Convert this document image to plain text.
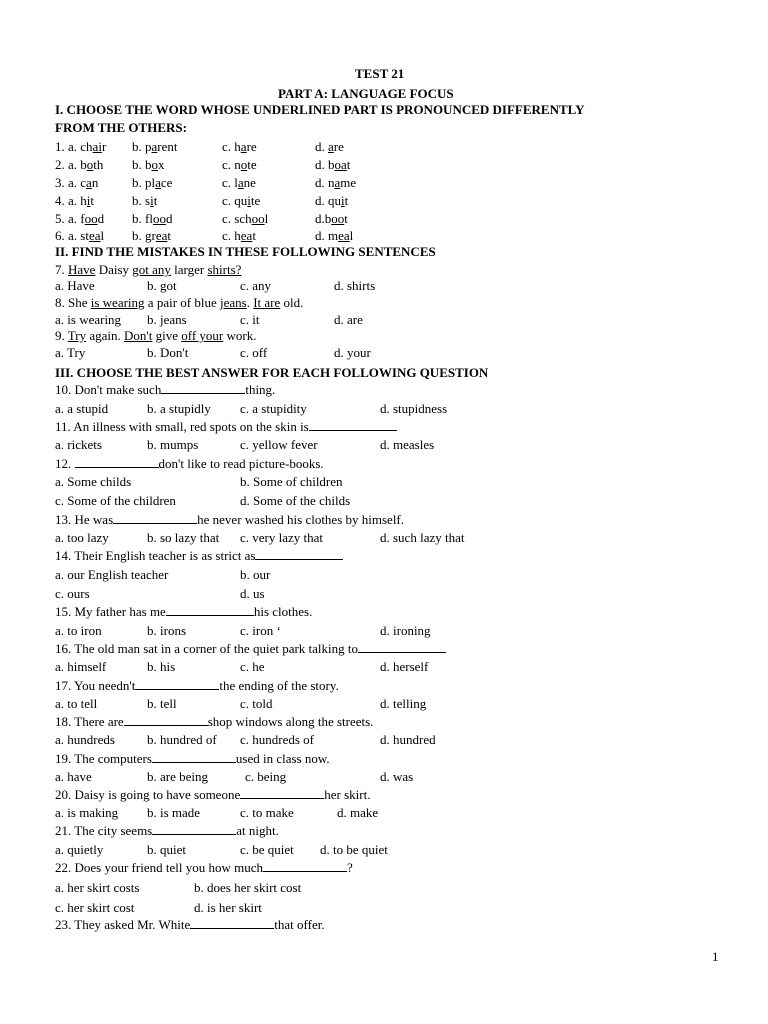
TEST 21
PART A: LANGUAGE FOCUS
I. CHOOSE THE WORD WHOSE UNDERLINED PART IS PRONOUNCED DIFFERENTLY
FROM THE OTHERS:
1. a. chair b. parent	c. hare	d. are
2. a. both b. box	c. note	d. boat
3. a. can	b. place	c. lane	d. name
4. a. hit	b. sit	c. quite	d. quit
5. a. food b. flood	c. school	d.boot
6. a. steal b. great	c. heat	d. meal
II. FIND THE MISTAKES IN THESE FOLLOWING SENTENCES
7. Have Daisy got any larger shirts?
a. Have	b. got	c. any	d. shirts
8. She is wearing a pair of blue jeans. It are old.
a. is wearing b. jeans	c. it	d. are
9. Try again. Don't give off your work.
a. Try	b. Don't	c. off	d. your
III. CHOOSE THE BEST ANSWER FOR EACH FOLLOWING QUESTION
10. Don't make such	thing.
a. a stupid	b. a stupidly c. a stupidity	d. stupidness
11. An illness with small, red spots on the skin is
a. rickets	b. mumps	c. yellow fever	d. measles
12.	don't like to read picture-books.
a. Some childs	b. Some of children
c. Some of the children	d. Some of the childs
13. He was	he never washed his clothes by himself.
a. too lazy	b. so lazy that c. very lazy that	d. such lazy that
14. Their English teacher is as strict as
a. our English teacher	b. our
c. ours	d. us
15. My father has me	his clothes.
a. to iron	b. irons	c. iron ‘	d. ironing
16. The old man sat in a corner of the quiet park talking to
a. himself	b. his	c. he	d. herself
17. You needn't	the ending of the story.
a. to tell	b. tell	c. told	d. telling
18. There are	shop windows along the streets.
a. hundreds b. hundred of c. hundreds of	d. hundred
19. The computers	used in class now.
a. have	b. are being	c. being	d. was
20. Daisy is going to have someone	her skirt.
a. is making b. is made	c. to make	d. make
21. The city seems	at night.
a. quietly	b. quiet	c. be quiet d. to be quiet
22. Does your friend tell you how much	?
a. her skirt costs	b. does her skirt cost
c. her skirt cost	d. is her skirt
23. They asked Mr. White	that offer.
1
